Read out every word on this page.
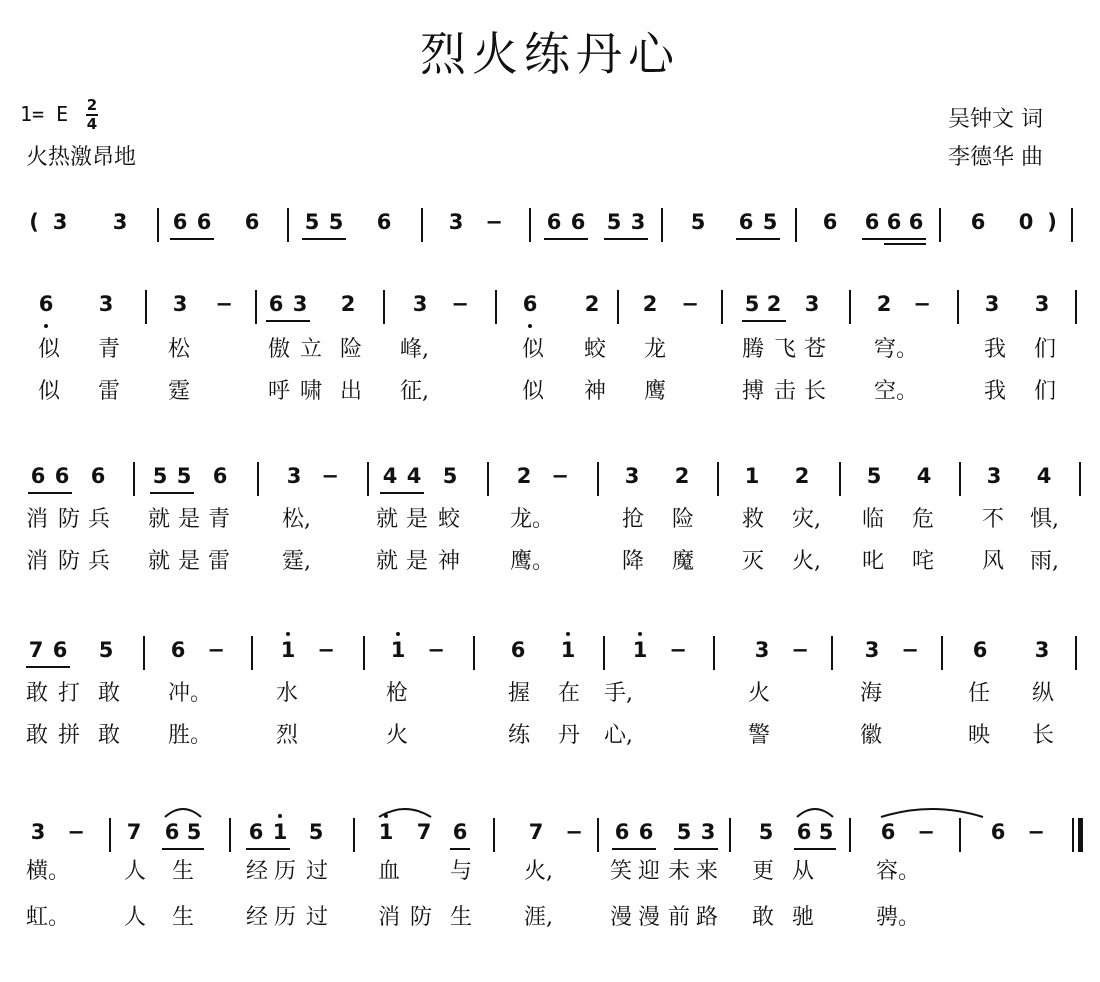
烈火练丹心
1= E 2
4
火热激昂地
吴钟文 词
李德华 曲
( 3 3 6 6 6 5 5 6	3 − 6 6 5 3 5 6 5 6 6 6 6 6 0 )
6 3	3 − 6 3 2	3 −	6 2 2 − 5 2 3	2 −	3 3
似 青 松	傲 立 险 峰,	似 蛟 龙	腾 飞 苍 穹。	我 们
似 雷 霆	呼 啸 出 征,	似 神 鹰	搏 击 长 空。	我 们
6 6 6 5 5 6	3 − 4 4 5	2 −	3 2	1 2	5 4	3 4
消 防 兵 就 是 青 松,	就 是 蛟 龙。	抢 险 救 灾, 临 危 不 惧,
消 防 兵 就 是 雷 霆,	就 是 神 鹰。	降 魔 灭 火, 叱 咤 风 雨,
7 6 5	6 −	1 −	1 −	6 1	1 −	3 −	3 −	6 3
敢 打 敢 冲。	水	枪	握 在 手,	火	海	任 纵
敢 拼 敢 胜。	烈	火	练 丹 心,	警	徽	映 长
3 − 7 6 5 6 1 5	1 7 6	7 − 6 6 5 3 5 6 5 6 −	6 −
横。 人 生 经 历 过 血 与 火,	笑 迎 未 来 更 从	容。
虹。 人 生 经 历 过 消 防 生 涯,	漫 漫 前 路 敢 驰	骋。
